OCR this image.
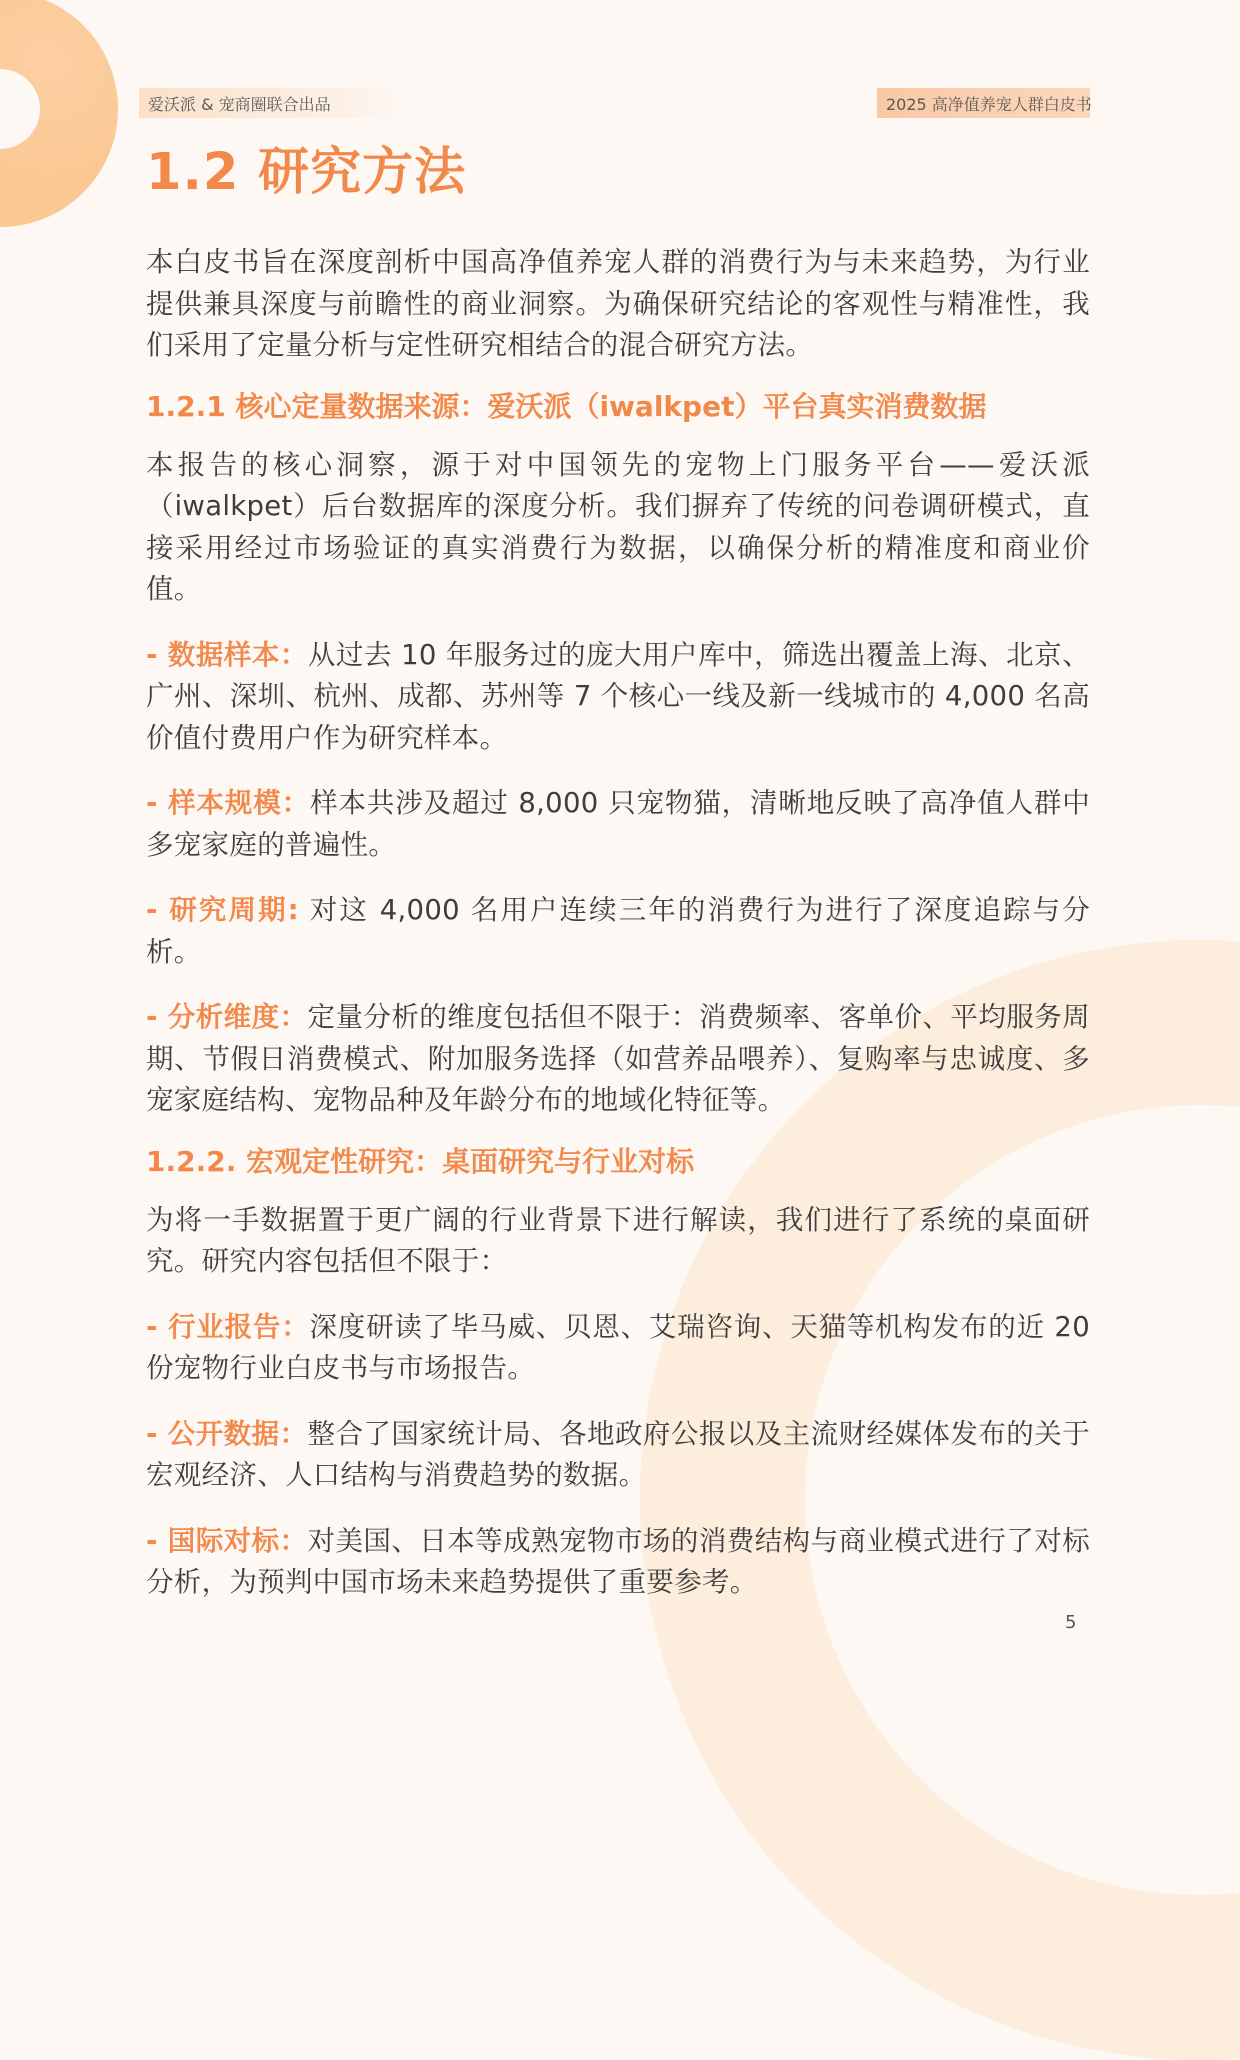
爱沃派 & 宠商圈联合出品	2025 高净值养宠人群白皮书
1.2 研究方法

本白皮书旨在深度剖析中国高净值养宠人群的消费行为与未来趋势，为行业提供兼具深度与前瞻性的商业洞察。为确保研究结论的客观性与精准性，我们采用了定量分析与定性研究相结合的混合研究方法。

1.2.1 核心定量数据来源：爱沃派（iwalkpet）平台真实消费数据

本报告的核心洞察，源于对中国领先的宠物上门服务平台——爱沃派（iwalkpet）后台数据库的深度分析。我们摒弃了传统的问卷调研模式，直接采用经过市场验证的真实消费行为数据，以确保分析的精准度和商业价值。

- 数据样本：从过去 10 年服务过的庞大用户库中，筛选出覆盖上海、北京、广州、深圳、杭州、成都、苏州等 7 个核心一线及新一线城市的 4,000 名高价值付费用户作为研究样本。

- 样本规模：样本共涉及超过 8,000 只宠物猫，清晰地反映了高净值人群中多宠家庭的普遍性。

- 研究周期: 对这 4,000 名用户连续三年的消费行为进行了深度追踪与分析。

- 分析维度：定量分析的维度包括但不限于：消费频率、客单价、平均服务周期、节假日消费模式、附加服务选择（如营养品喂养）、复购率与忠诚度、多宠家庭结构、宠物品种及年龄分布的地域化特征等。

1.2.2. 宏观定性研究：桌面研究与行业对标

为将一手数据置于更广阔的行业背景下进行解读，我们进行了系统的桌面研究。研究内容包括但不限于：

- 行业报告：深度研读了毕马威、贝恩、艾瑞咨询、天猫等机构发布的近 20 份宠物行业白皮书与市场报告。

- 公开数据：整合了国家统计局、各地政府公报以及主流财经媒体发布的关于宏观经济、人口结构与消费趋势的数据。

- 国际对标：对美国、日本等成熟宠物市场的消费结构与商业模式进行了对标分析，为预判中国市场未来趋势提供了重要参考。

5
